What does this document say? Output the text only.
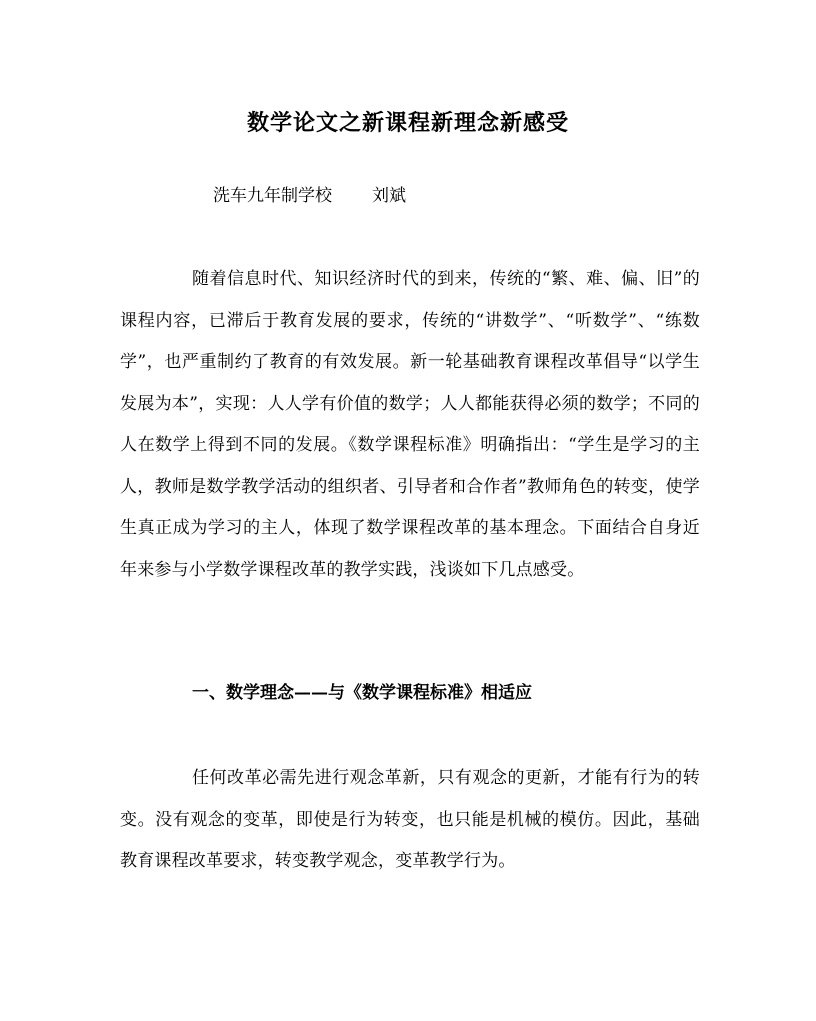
数学论文之新课程新理念新感受
洗车九年制学校 刘斌

随着信息时代、知识经济时代的到来，传统的“繁、难、偏、旧”的课程内容，已滞后于教育发展的要求，传统的“讲数学”、“听数学”、“练数学”，也严重制约了教育的有效发展。新一轮基础教育课程改革倡导“以学生发展为本”，实现：人人学有价值的数学；人人都能获得必须的数学；不同的人在数学上得到不同的发展。《数学课程标准》明确指出：“学生是学习的主人，教师是数学教学活动的组织者、引导者和合作者”教师角色的转变，使学生真正成为学习的主人，体现了数学课程改革的基本理念。下面结合自身近年来参与小学数学课程改革的教学实践，浅谈如下几点感受。

一、数学理念——与《数学课程标准》相适应

任何改革必需先进行观念革新，只有观念的更新，才能有行为的转变。没有观念的变革，即使是行为转变，也只能是机械的模仿。因此，基础教育课程改革要求，转变教学观念，变革教学行为。
